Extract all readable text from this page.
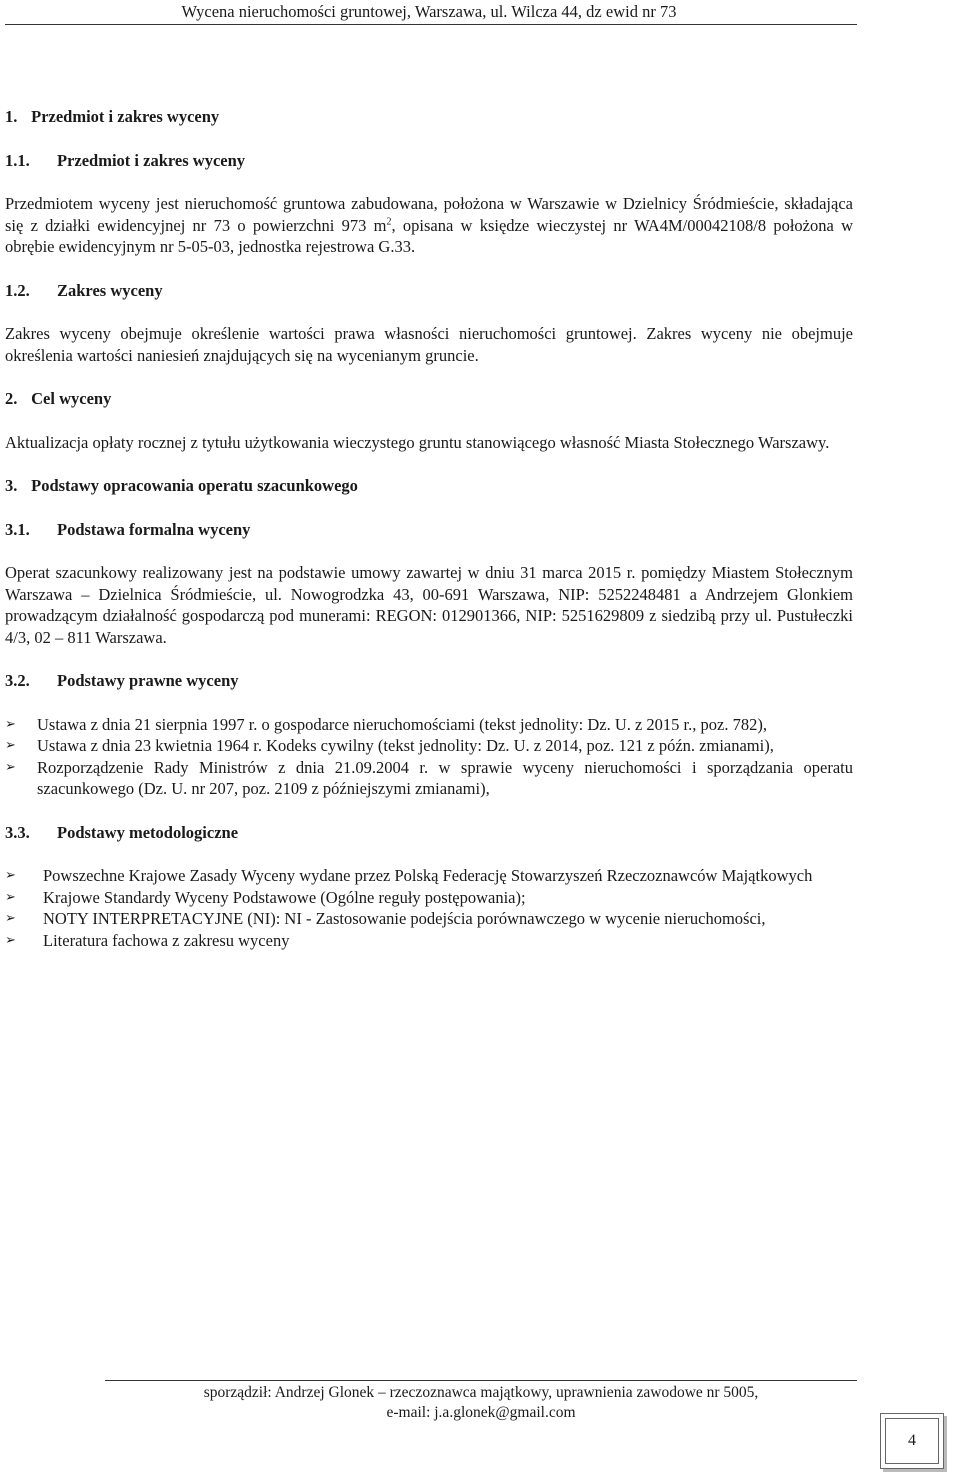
Wycena nieruchomości gruntowej, Warszawa, ul. Wilcza 44, dz ewid nr 73
1. Przedmiot i zakres wyceny
1.1. Przedmiot i zakres wyceny

Przedmiotem wyceny jest nieruchomość gruntowa zabudowana, położona w Warszawie w Dzielnicy Śródmieście, składająca się z działki ewidencyjnej nr 73 o powierzchni 973 $m^2$, opisana w księdze wieczystej nr WA4M/00042108/8 położona w obrębie ewidencyjnym nr 5-05-03, jednostka rejestrowa G.33.

1.2. Zakres wyceny

Zakres wyceny obejmuje określenie wartości prawa własności nieruchomości gruntowej. Zakres wyceny nie obejmuje określenia wartości naniesień znajdujących się na wycenianym gruncie.

2. Cel wyceny

Aktualizacja opłaty rocznej z tytułu użytkowania wieczystego gruntu stanowiącego własność Miasta Stołecznego Warszawy.

3. Podstawy opracowania operatu szacunkowego
3.1. Podstawa formalna wyceny

Operat szacunkowy realizowany jest na podstawie umowy zawartej w dniu 31 marca 2015 r. pomiędzy Miastem Stołecznym Warszawa – Dzielnica Śródmieście, ul. Nowogrodzka 43, 00-691 Warszawa, NIP: 5252248481 a Andrzejem Glonkiem prowadzącym działalność gospodarczą pod munerami: REGON: 012901366, NIP: 5251629809 z siedzibą przy ul. Pustułeczki 4/3, 02 – 811 Warszawa.

3.2. Podstawy prawne wyceny
➢ Ustawa z dnia 21 sierpnia 1997 r. o gospodarce nieruchomościami (tekst jednolity: Dz. U. z 2015 r., poz. 782),
➢ Ustawa z dnia 23 kwietnia 1964 r. Kodeks cywilny (tekst jednolity: Dz. U. z 2014, poz. 121 z późn. zmianami),
➢ Rozporządzenie Rady Ministrów z dnia 21.09.2004 r. w sprawie wyceny nieruchomości i sporządzania operatu szacunkowego (Dz. U. nr 207, poz. 2109 z późniejszymi zmianami),
3.3. Podstawy metodologiczne
➢ Powszechne Krajowe Zasady Wyceny wydane przez Polską Federację Stowarzyszeń Rzeczoznawców Majątkowych
➢ Krajowe Standardy Wyceny Podstawowe (Ogólne reguły postępowania);
➢ NOTY INTERPRETACYJNE (NI): NI - Zastosowanie podejścia porównawczego w wycenie nieruchomości,
➢ Literatura fachowa z zakresu wyceny
sporządził: Andrzej Glonek – rzeczoznawca majątkowy, uprawnienia zawodowe nr 5005,
e-mail: j.a.glonek@gmail.com
4
